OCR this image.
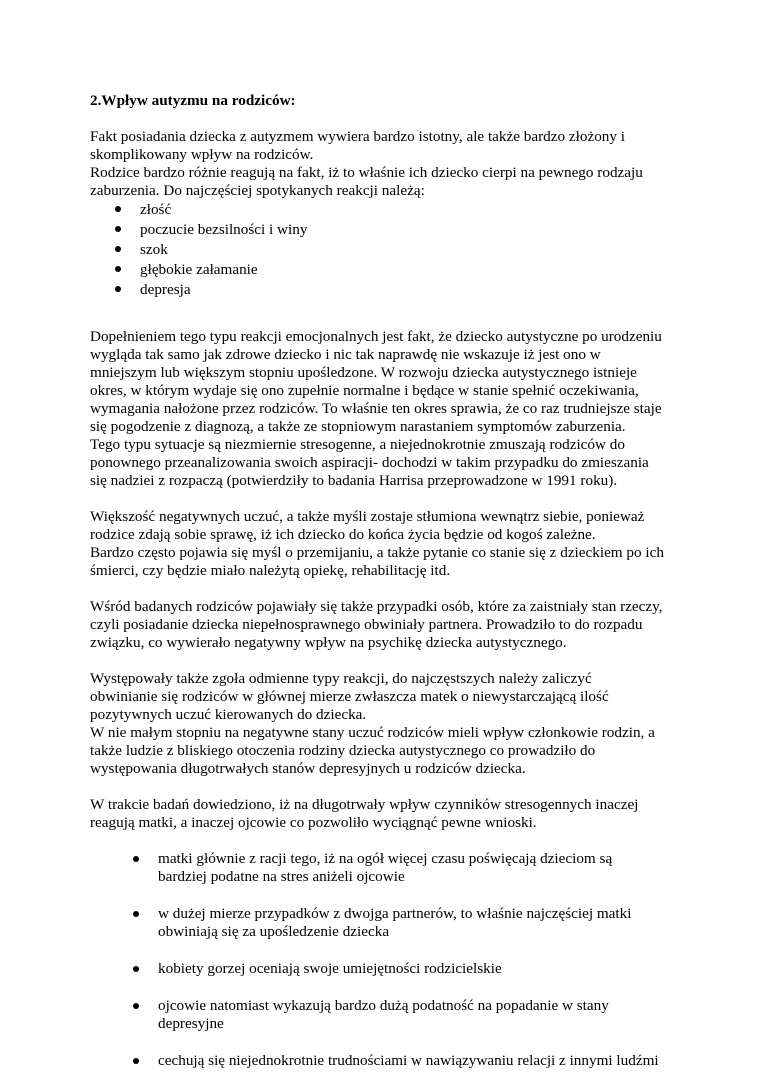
2.Wpływ autyzmu na rodziców:

Fakt posiadania dziecka z autyzmem wywiera bardzo istotny, ale także bardzo złożony i
skomplikowany wpływ na rodziców.
Rodzice bardzo różnie reagują na fakt, iż to właśnie ich dziecko cierpi na pewnego rodzaju
zaburzenia. Do najczęściej spotykanych reakcji należą:

złość
poczucie bezsilności i winy
szok
głębokie załamanie
depresja

Dopełnieniem tego typu reakcji emocjonalnych jest fakt, że dziecko autystyczne po urodzeniu
wygląda tak samo jak zdrowe dziecko i nic tak naprawdę nie wskazuje iż jest ono w
mniejszym lub większym stopniu upośledzone. W rozwoju dziecka autystycznego istnieje
okres, w którym wydaje się ono zupełnie normalne i będące w stanie spełnić oczekiwania,
wymagania nałożone przez rodziców. To właśnie ten okres sprawia, że co raz trudniejsze staje
się pogodzenie z diagnozą, a także ze stopniowym narastaniem symptomów zaburzenia.
Tego typu sytuacje są niezmiernie stresogenne, a niejednokrotnie zmuszają rodziców do
ponownego przeanalizowania swoich aspiracji- dochodzi w takim przypadku do zmieszania
się nadziei z rozpaczą (potwierdziły to badania Harrisa przeprowadzone w 1991 roku).

Większość negatywnych uczuć, a także myśli zostaje stłumiona wewnątrz siebie, ponieważ
rodzice zdają sobie sprawę, iż ich dziecko do końca życia będzie od kogoś zależne.
Bardzo często pojawia się myśl o przemijaniu, a także pytanie co stanie się z dzieckiem po ich
śmierci, czy będzie miało należytą opiekę, rehabilitację itd.

Wśród badanych rodziców pojawiały się także przypadki osób, które za zaistniały stan rzeczy,
czyli posiadanie dziecka niepełnosprawnego obwiniały partnera. Prowadziło to do rozpadu
związku, co wywierało negatywny wpływ na psychikę dziecka autystycznego.

Występowały także zgoła odmienne typy reakcji, do najczęstszych należy zaliczyć
obwinianie się rodziców w głównej mierze zwłaszcza matek o niewystarczającą ilość
pozytywnych uczuć kierowanych do dziecka.
W nie małym stopniu na negatywne stany uczuć rodziców mieli wpływ członkowie rodzin, a
także ludzie z bliskiego otoczenia rodziny dziecka autystycznego co prowadziło do
występowania długotrwałych stanów depresyjnych u rodziców dziecka.

W trakcie badań dowiedziono, iż na długotrwały wpływ czynników stresogennych inaczej
reagują matki, a inaczej ojcowie co pozwoliło wyciągnąć pewne wnioski.

matki głównie z racji tego, iż na ogół więcej czasu poświęcają dzieciom są
bardziej podatne na stres aniżeli ojcowie

w dużej mierze przypadków z dwojga partnerów, to właśnie najczęściej matki
obwiniają się za upośledzenie dziecka

kobiety gorzej oceniają swoje umiejętności rodzicielskie

ojcowie natomiast wykazują bardzo dużą podatność na popadanie w stany
depresyjne

cechują się niejednokrotnie trudnościami w nawiązywaniu relacji z innymi ludźmi
